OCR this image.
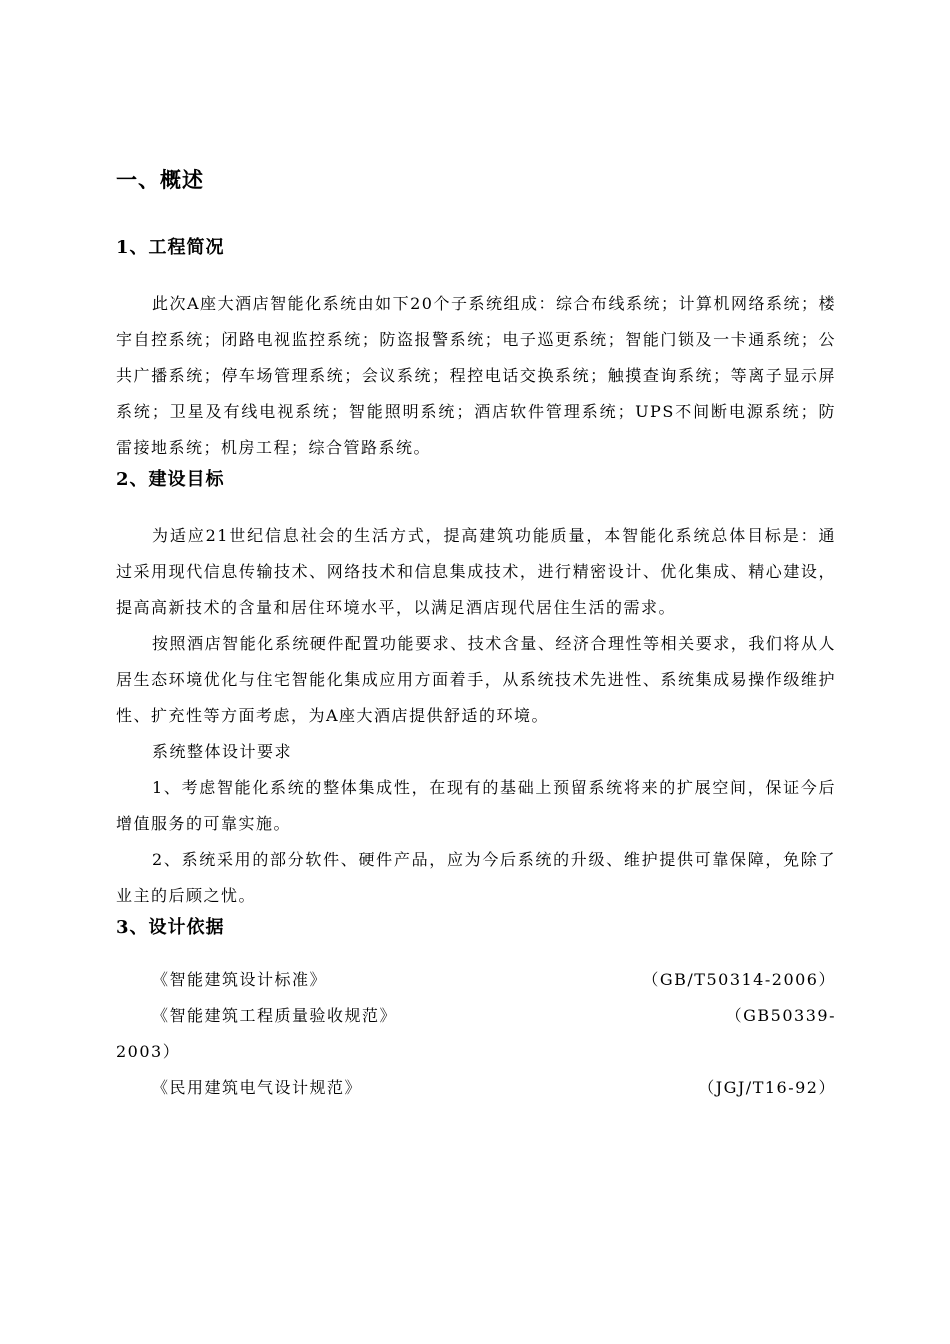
一、概述
1、工程简况

此次A座大酒店智能化系统由如下20个子系统组成：综合布线系统；计算机网络系统；楼宇自控系统；闭路电视监控系统；防盗报警系统；电子巡更系统；智能门锁及一卡通系统；公共广播系统；停车场管理系统；会议系统；程控电话交换系统；触摸查询系统；等离子显示屏系统；卫星及有线电视系统；智能照明系统；酒店软件管理系统；UPS不间断电源系统；防雷接地系统；机房工程；综合管路系统。

2、建设目标

为适应21世纪信息社会的生活方式，提高建筑功能质量，本智能化系统总体目标是：通过采用现代信息传输技术、网络技术和信息集成技术，进行精密设计、优化集成、精心建设，提高高新技术的含量和居住环境水平，以满足酒店现代居住生活的需求。

按照酒店智能化系统硬件配置功能要求、技术含量、经济合理性等相关要求，我们将从人居生态环境优化与住宅智能化集成应用方面着手，从系统技术先进性、系统集成易操作级维护性、扩充性等方面考虑，为A座大酒店提供舒适的环境。

系统整体设计要求

1、考虑智能化系统的整体集成性，在现有的基础上预留系统将来的扩展空间，保证今后增值服务的可靠实施。

2、系统采用的部分软件、硬件产品，应为今后系统的升级、维护提供可靠保障，免除了业主的后顾之忧。

3、设计依据
《智能建筑设计标准》	（GB/T50314-2006）
《智能建筑工程质量验收规范》	（GB50339-
2003）
《民用建筑电气设计规范》	（JGJ/T16-92）
